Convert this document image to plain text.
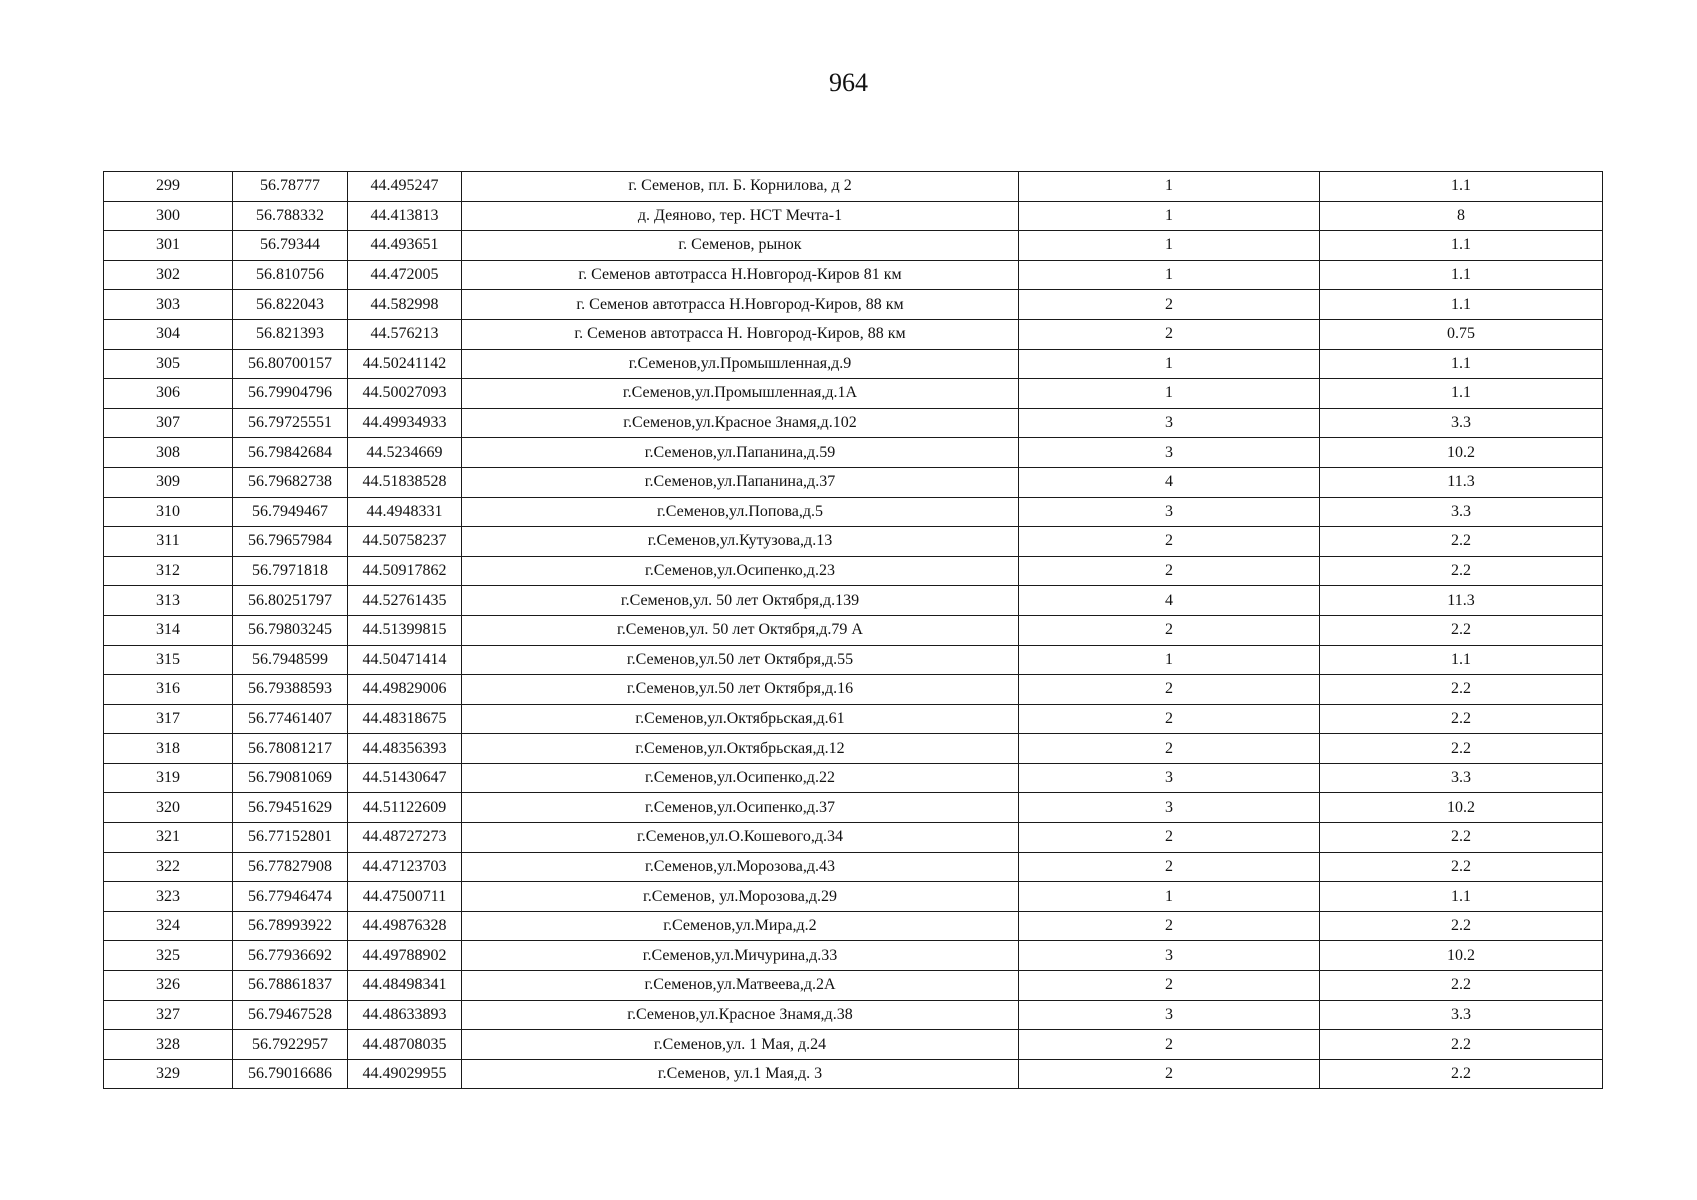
964
299	56.78777	44.495247	г. Семенов, пл. Б. Корнилова, д 2	1	1.1
300	56.788332	44.413813	д. Деяново, тер. НСТ Мечта-1	1	8
301	56.79344	44.493651	г. Семенов, рынок	1	1.1
302	56.810756	44.472005	г. Семенов автотрасса Н.Новгород-Киров 81 км	1	1.1
303	56.822043	44.582998	г. Семенов автотрасса Н.Новгород-Киров, 88 км	2	1.1
304	56.821393	44.576213	г. Семенов автотрасса Н. Новгород-Киров, 88 км	2	0.75
305	56.80700157	44.50241142	г.Семенов,ул.Промышленная,д.9	1	1.1
306	56.79904796	44.50027093	г.Семенов,ул.Промышленная,д.1А	1	1.1
307	56.79725551	44.49934933	г.Семенов,ул.Красное Знамя,д.102	3	3.3
308	56.79842684	44.5234669	г.Семенов,ул.Папанина,д.59	3	10.2
309	56.79682738	44.51838528	г.Семенов,ул.Папанина,д.37	4	11.3
310	56.7949467	44.4948331	г.Семенов,ул.Попова,д.5	3	3.3
311	56.79657984	44.50758237	г.Семенов,ул.Кутузова,д.13	2	2.2
312	56.7971818	44.50917862	г.Семенов,ул.Осипенко,д.23	2	2.2
313	56.80251797	44.52761435	г.Семенов,ул. 50 лет Октября,д.139	4	11.3
314	56.79803245	44.51399815	г.Семенов,ул. 50 лет Октября,д.79 А	2	2.2
315	56.7948599	44.50471414	г.Семенов,ул.50 лет Октября,д.55	1	1.1
316	56.79388593	44.49829006	г.Семенов,ул.50 лет Октября,д.16	2	2.2
317	56.77461407	44.48318675	г.Семенов,ул.Октябрьская,д.61	2	2.2
318	56.78081217	44.48356393	г.Семенов,ул.Октябрьская,д.12	2	2.2
319	56.79081069	44.51430647	г.Семенов,ул.Осипенко,д.22	3	3.3
320	56.79451629	44.51122609	г.Семенов,ул.Осипенко,д.37	3	10.2
321	56.77152801	44.48727273	г.Семенов,ул.О.Кошевого,д.34	2	2.2
322	56.77827908	44.47123703	г.Семенов,ул.Морозова,д.43	2	2.2
323	56.77946474	44.47500711	г.Семенов, ул.Морозова,д.29	1	1.1
324	56.78993922	44.49876328	г.Семенов,ул.Мира,д.2	2	2.2
325	56.77936692	44.49788902	г.Семенов,ул.Мичурина,д.33	3	10.2
326	56.78861837	44.48498341	г.Семенов,ул.Матвеева,д.2А	2	2.2
327	56.79467528	44.48633893	г.Семенов,ул.Красное Знамя,д.38	3	3.3
328	56.7922957	44.48708035	г.Семенов,ул. 1 Мая, д.24	2	2.2
329	56.79016686	44.49029955	г.Семенов, ул.1 Мая,д. 3	2	2.2
